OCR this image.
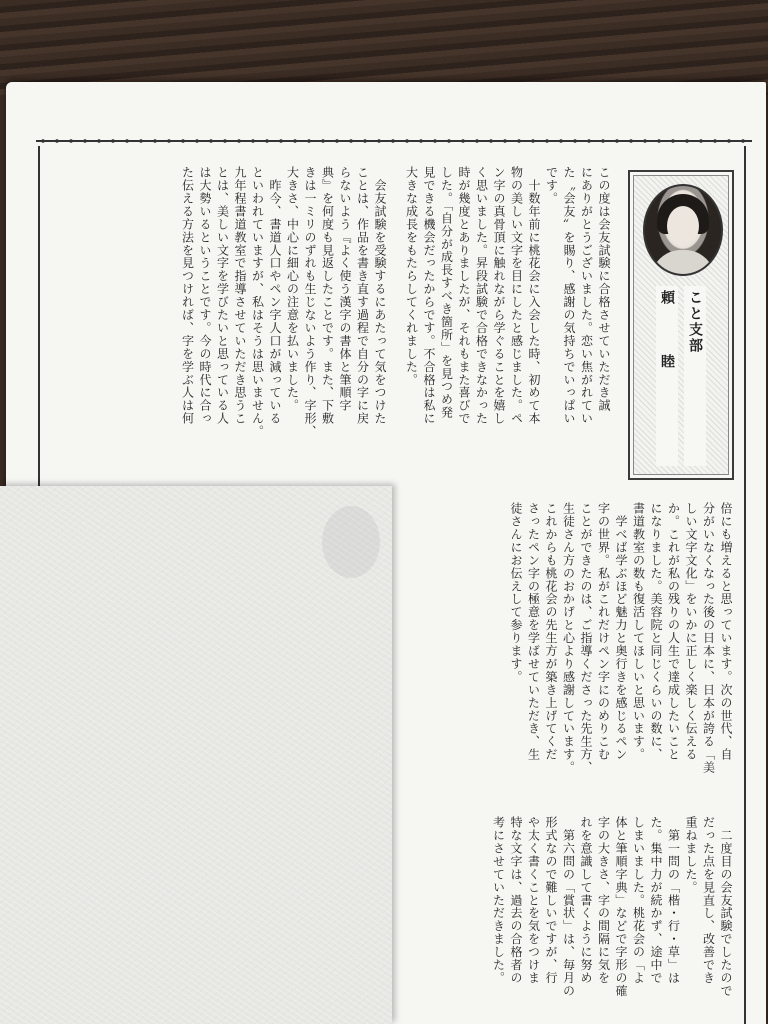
こと支部
頼　睦

この度は会友試験に合格させていただき誠

にありがとうございました。恋い焦がれてい

た〝会友〟を賜り、感謝の気持ちでいっぱい

です。

　十数年前に桃花会に入会した時、初めて本

物の美しい文字を目にしたと感じました。ペ

ン字の真骨頂に触れながら学ぐることを嬉し

く思いました。昇段試験で合格できなかった

時が幾度とありましたが、それもまた喜びで

した。「自分が成長すべき箇所」を見つめ発

見できる機会だったからです。不合格は私に

大きな成長をもたらしてくれました。

　会友試験を受験するにあたって気をつけた

ことは、作品を書き直す過程で自分の字に戻

らないよう『よく使う漢字の書体と筆順字

典』を何度も見返したことです。また、下敷

きは一ミリのずれも生じないよう作り、字形、

大きさ、中心に細心の注意を払いました。

　昨今、書道人口やペン字人口が減っている

といわれていますが、私はそうは思いません。

九年程書道教室で指導させていただき思うこ

とは、美しい文字を学びたいと思っている人

は大勢いるということです。今の時代に合っ

た伝える方法を見つければ、字を学ぶ人は何

倍にも増えると思っています。次の世代、自

分がいなくなった後の日本に、日本が誇る「美

しい文字文化」をいかに正しく楽しく伝える

か。これが私の残りの人生で達成したいこと

になりました。美容院と同じくらいの数に、

書道教室の数も復活してほしいと思います。

　学べば学ぶほど魅力と奥行きを感じるペン

字の世界。私がこれだけペン字にのめりこむ

ことができたのは、ご指導くださった先生方、

生徒さん方のおかげと心より感謝しています。

これからも桃花会の先生方が築き上げてくだ

さったペン字の極意を学ばせていただき、生

徒さんにお伝えして参ります。

　二度目の会友試験でしたので

だった点を見直し、改善でき

重ねました。

　第一問の「楷・行・草」は

た。集中力が続かず、途中で

しまいました。桃花会の「よ

体と筆順字典」などで字形の確

字の大きさ、字の間隔に気を

れを意識して書くように努め

　第六問の「賞状」は、毎月の

形式なので難しいですが、行

や太く書くことを気をつけま

特な文字は、過去の合格者の

考にさせていただきました。
